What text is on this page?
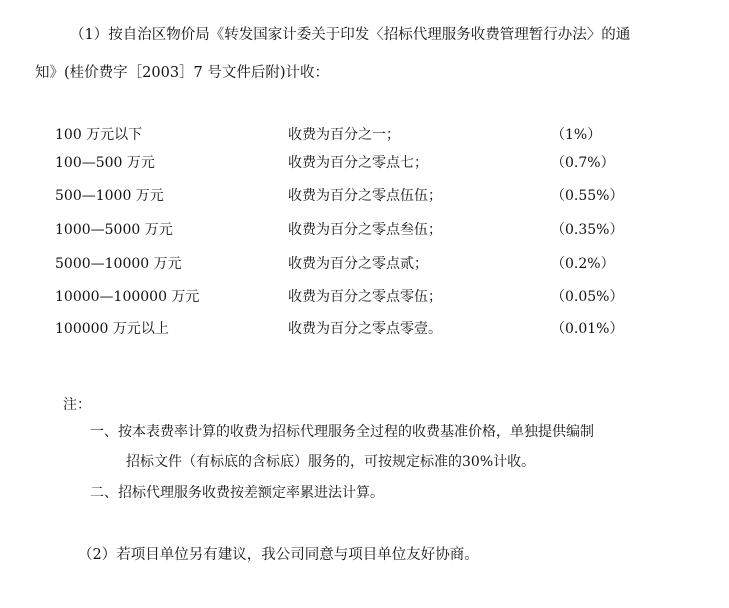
（1）按自治区物价局《转发国家计委关于印发〈招标代理服务收费管理暂行办法〉的通
知》(桂价费字［2003］7 号文件后附)计收：
100 万元以下	收费为百分之一；	（1%）
100—500 万元	收费为百分之零点七；	（0.7%）
500—1000 万元	收费为百分之零点伍伍；	（0.55%）
1000—5000 万元	收费为百分之零点叁伍；	（0.35%）
5000—10000 万元	收费为百分之零点贰；	（0.2%）
10000—100000 万元	收费为百分之零点零伍；	（0.05%）
100000 万元以上	收费为百分之零点零壹。	（0.01%）
注：
一、按本表费率计算的收费为招标代理服务全过程的收费基准价格，单独提供编制
招标文件（有标底的含标底）服务的，可按规定标准的30%计收。
二、招标代理服务收费按差额定率累进法计算。
（2）若项目单位另有建议，我公司同意与项目单位友好协商。
